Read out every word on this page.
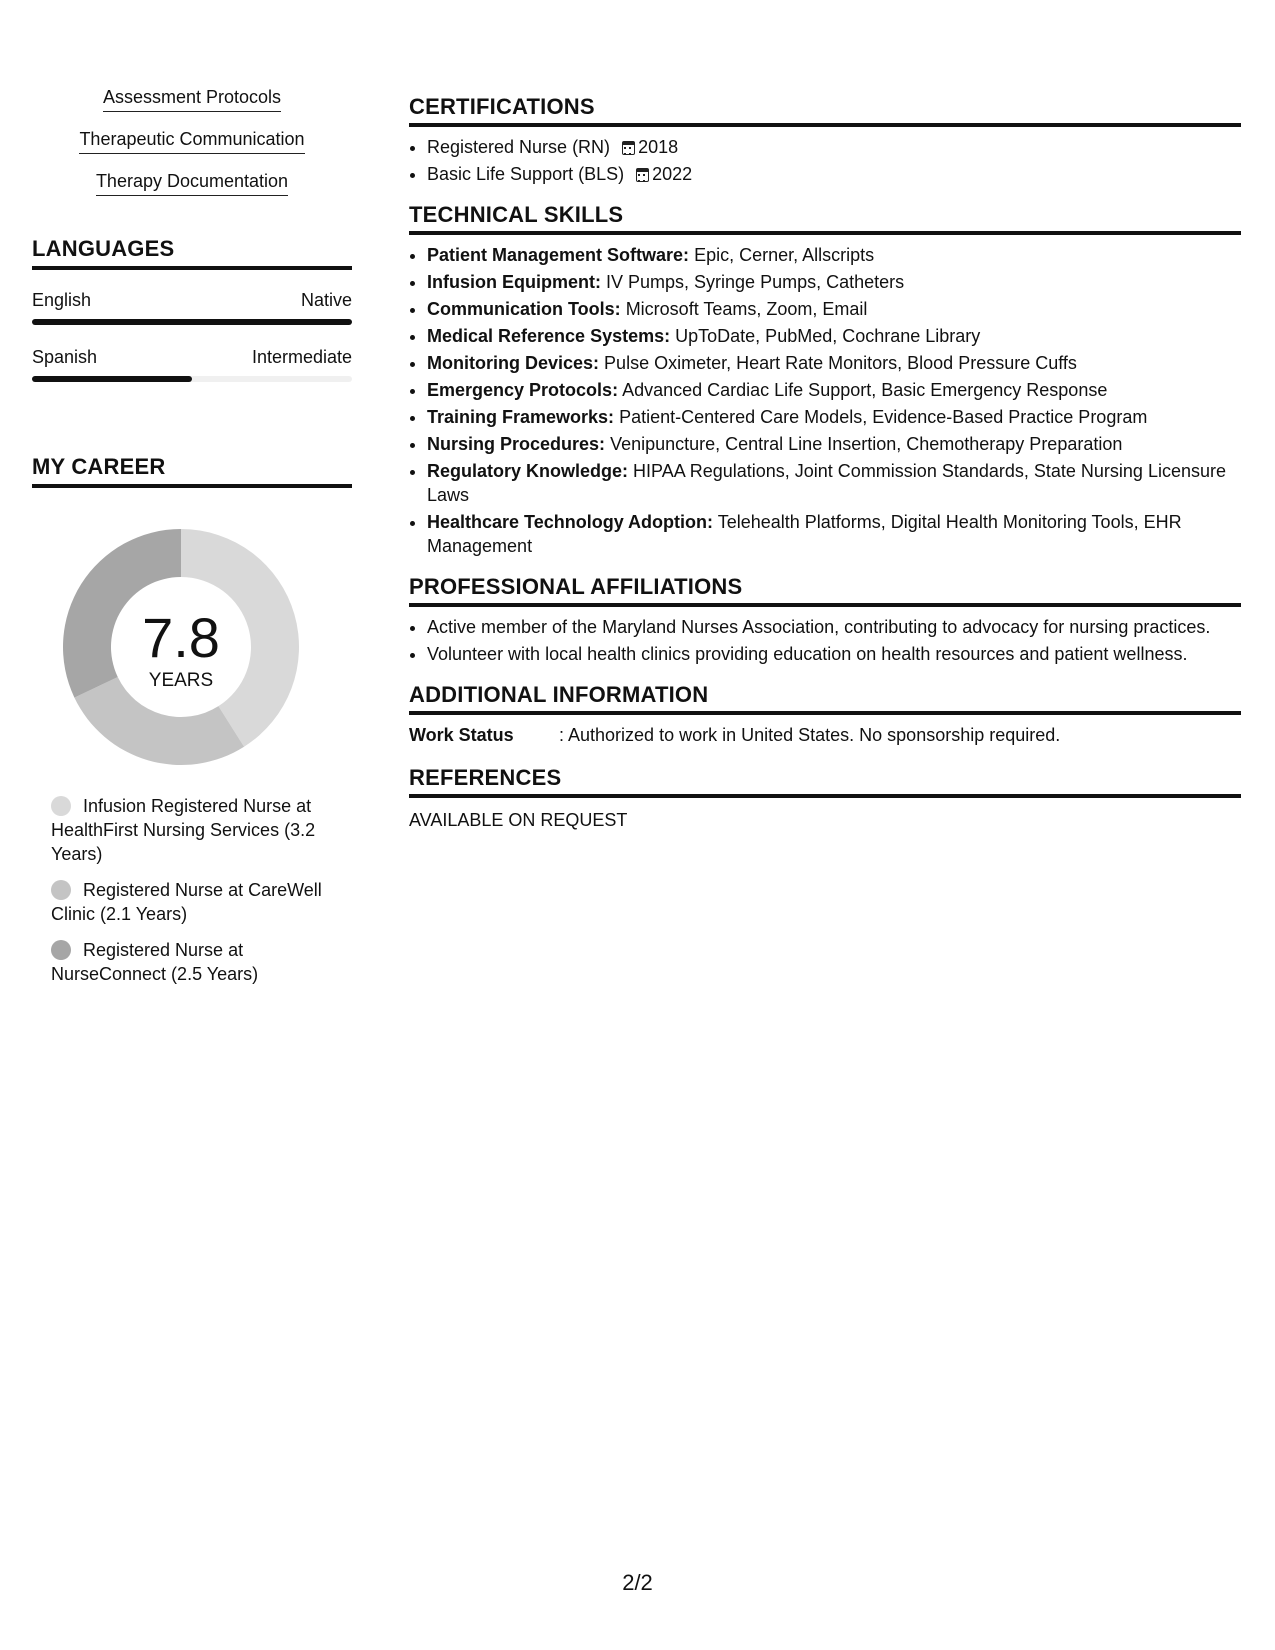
Assessment Protocols
Therapeutic Communication
Therapy Documentation
LANGUAGES
English	Native
Spanish	Intermediate
MY CAREER
7.8
YEARS
Infusion Registered Nurse at HealthFirst Nursing Services (3.2 Years)
Registered Nurse at CareWell Clinic (2.1 Years)
Registered Nurse at NurseConnect (2.5 Years)
CERTIFICATIONS
• Registered Nurse (RN) 2018
• Basic Life Support (BLS) 2022
TECHNICAL SKILLS
• Patient Management Software: Epic, Cerner, Allscripts
• Infusion Equipment: IV Pumps, Syringe Pumps, Catheters
• Communication Tools: Microsoft Teams, Zoom, Email
• Medical Reference Systems: UpToDate, PubMed, Cochrane Library
• Monitoring Devices: Pulse Oximeter, Heart Rate Monitors, Blood Pressure Cuffs
• Emergency Protocols: Advanced Cardiac Life Support, Basic Emergency Response
• Training Frameworks: Patient-Centered Care Models, Evidence-Based Practice Program
• Nursing Procedures: Venipuncture, Central Line Insertion, Chemotherapy Preparation
• Regulatory Knowledge: HIPAA Regulations, Joint Commission Standards, State Nursing Licensure Laws
• Healthcare Technology Adoption: Telehealth Platforms, Digital Health Monitoring Tools, EHR Management
PROFESSIONAL AFFILIATIONS
• Active member of the Maryland Nurses Association, contributing to advocacy for nursing practices.
• Volunteer with local health clinics providing education on health resources and patient wellness.
ADDITIONAL INFORMATION
Work Status	: Authorized to work in United States. No sponsorship required.
REFERENCES
AVAILABLE ON REQUEST
2/2
